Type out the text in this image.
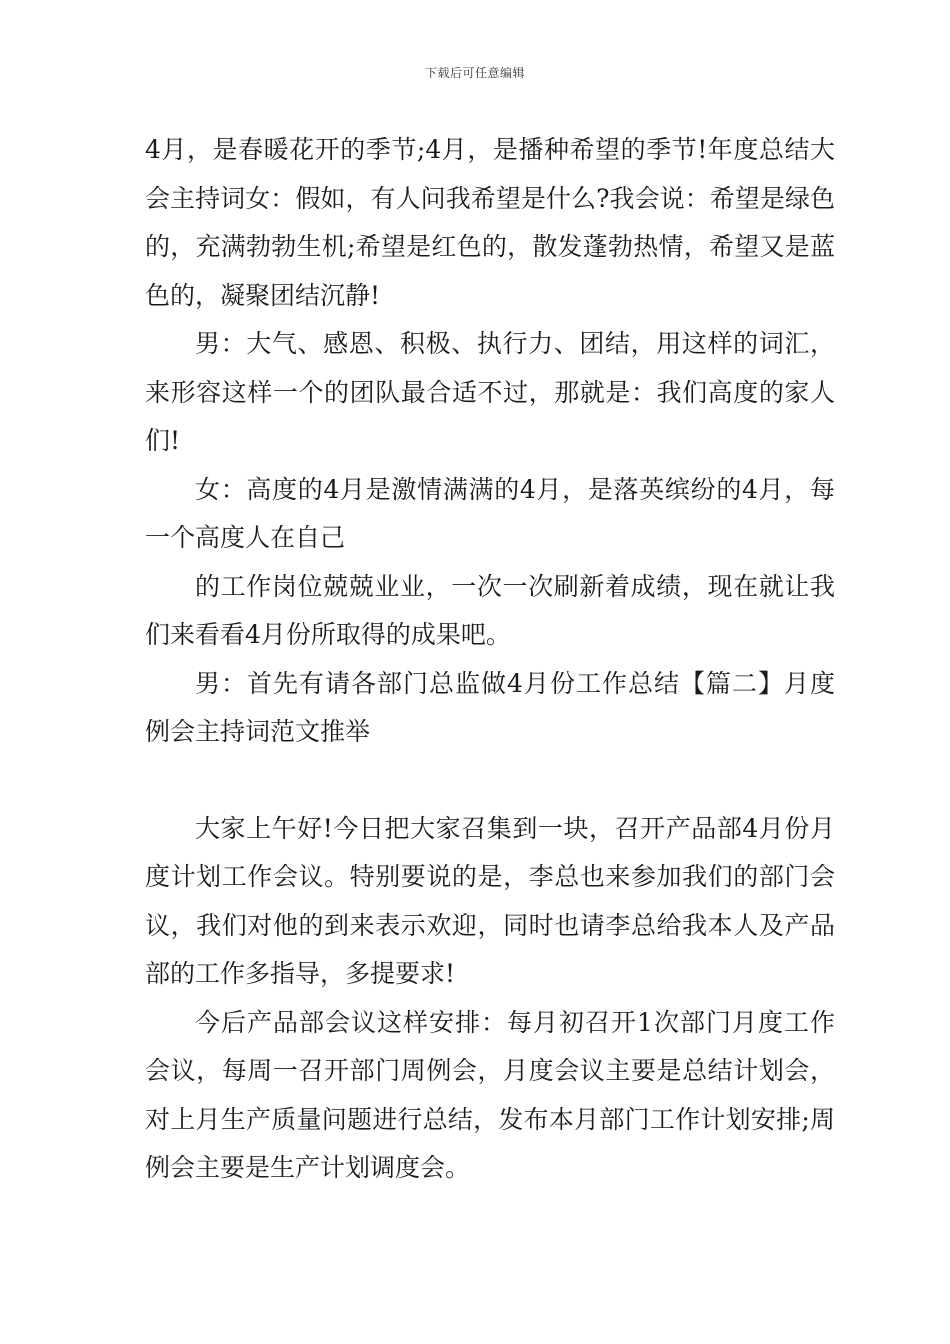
下载后可任意编辑

4月，是春暖花开的季节;4月，是播种希望的季节!年度总结大会主持词女：假如，有人问我希望是什么?我会说：希望是绿色的，充满勃勃生机;希望是红色的，散发蓬勃热情，希望又是蓝色的，凝聚团结沉静!

男：大气、感恩、积极、执行力、团结，用这样的词汇，来形容这样一个的团队最合适不过，那就是：我们高度的家人们!

女：高度的4月是激情满满的4月，是落英缤纷的4月，每一个高度人在自己

的工作岗位兢兢业业，一次一次刷新着成绩，现在就让我们来看看4月份所取得的成果吧。

男：首先有请各部门总监做4月份工作总结【篇二】月度例会主持词范文推举

大家上午好!今日把大家召集到一块，召开产品部4月份月度计划工作会议。特别要说的是，李总也来参加我们的部门会议，我们对他的到来表示欢迎，同时也请李总给我本人及产品部的工作多指导，多提要求!

今后产品部会议这样安排：每月初召开1次部门月度工作会议，每周一召开部门周例会，月度会议主要是总结计划会，对上月生产质量问题进行总结，发布本月部门工作计划安排;周例会主要是生产计划调度会。
